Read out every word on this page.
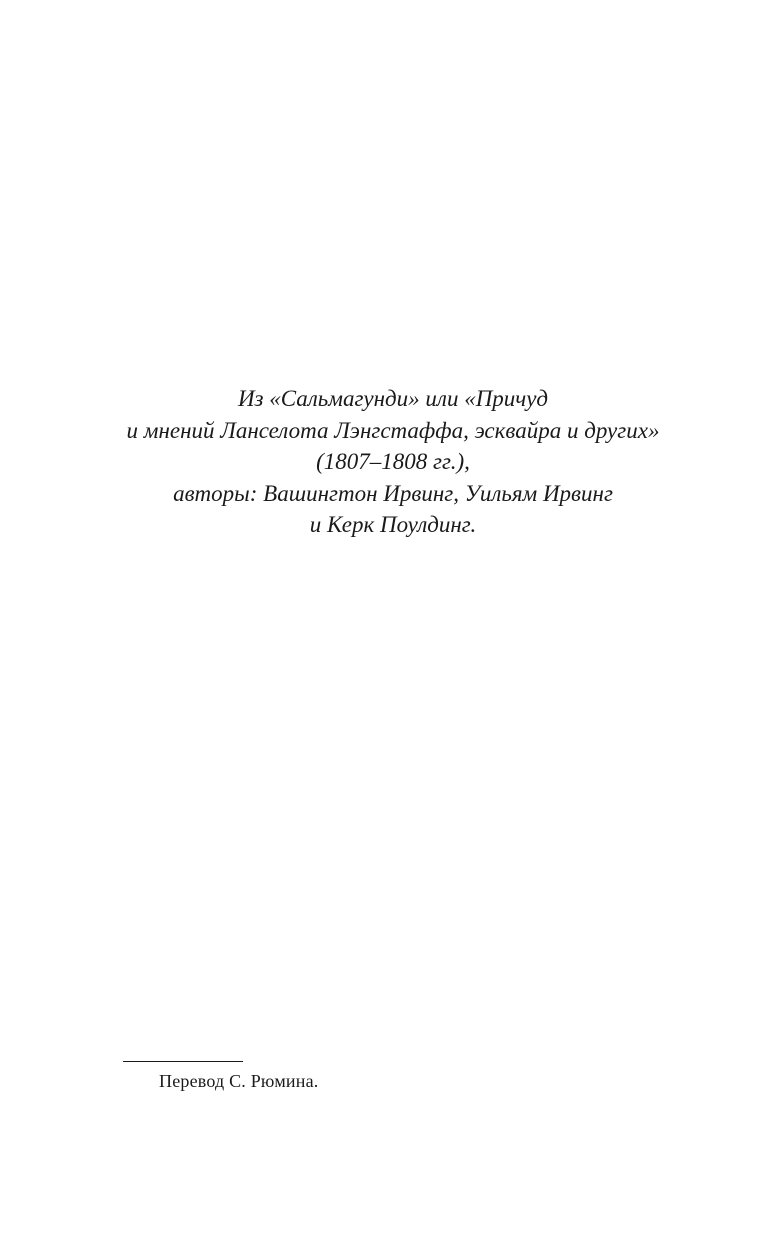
Из «Сальмагунди» или «Причуд
и мнений Ланселота Лэнгстаффа, эсквайра и других»
(1807–1808 гг.),
авторы: Вашингтон Ирвинг, Уильям Ирвинг
и Керк Поулдинг.
Перевод С. Рюмина.
